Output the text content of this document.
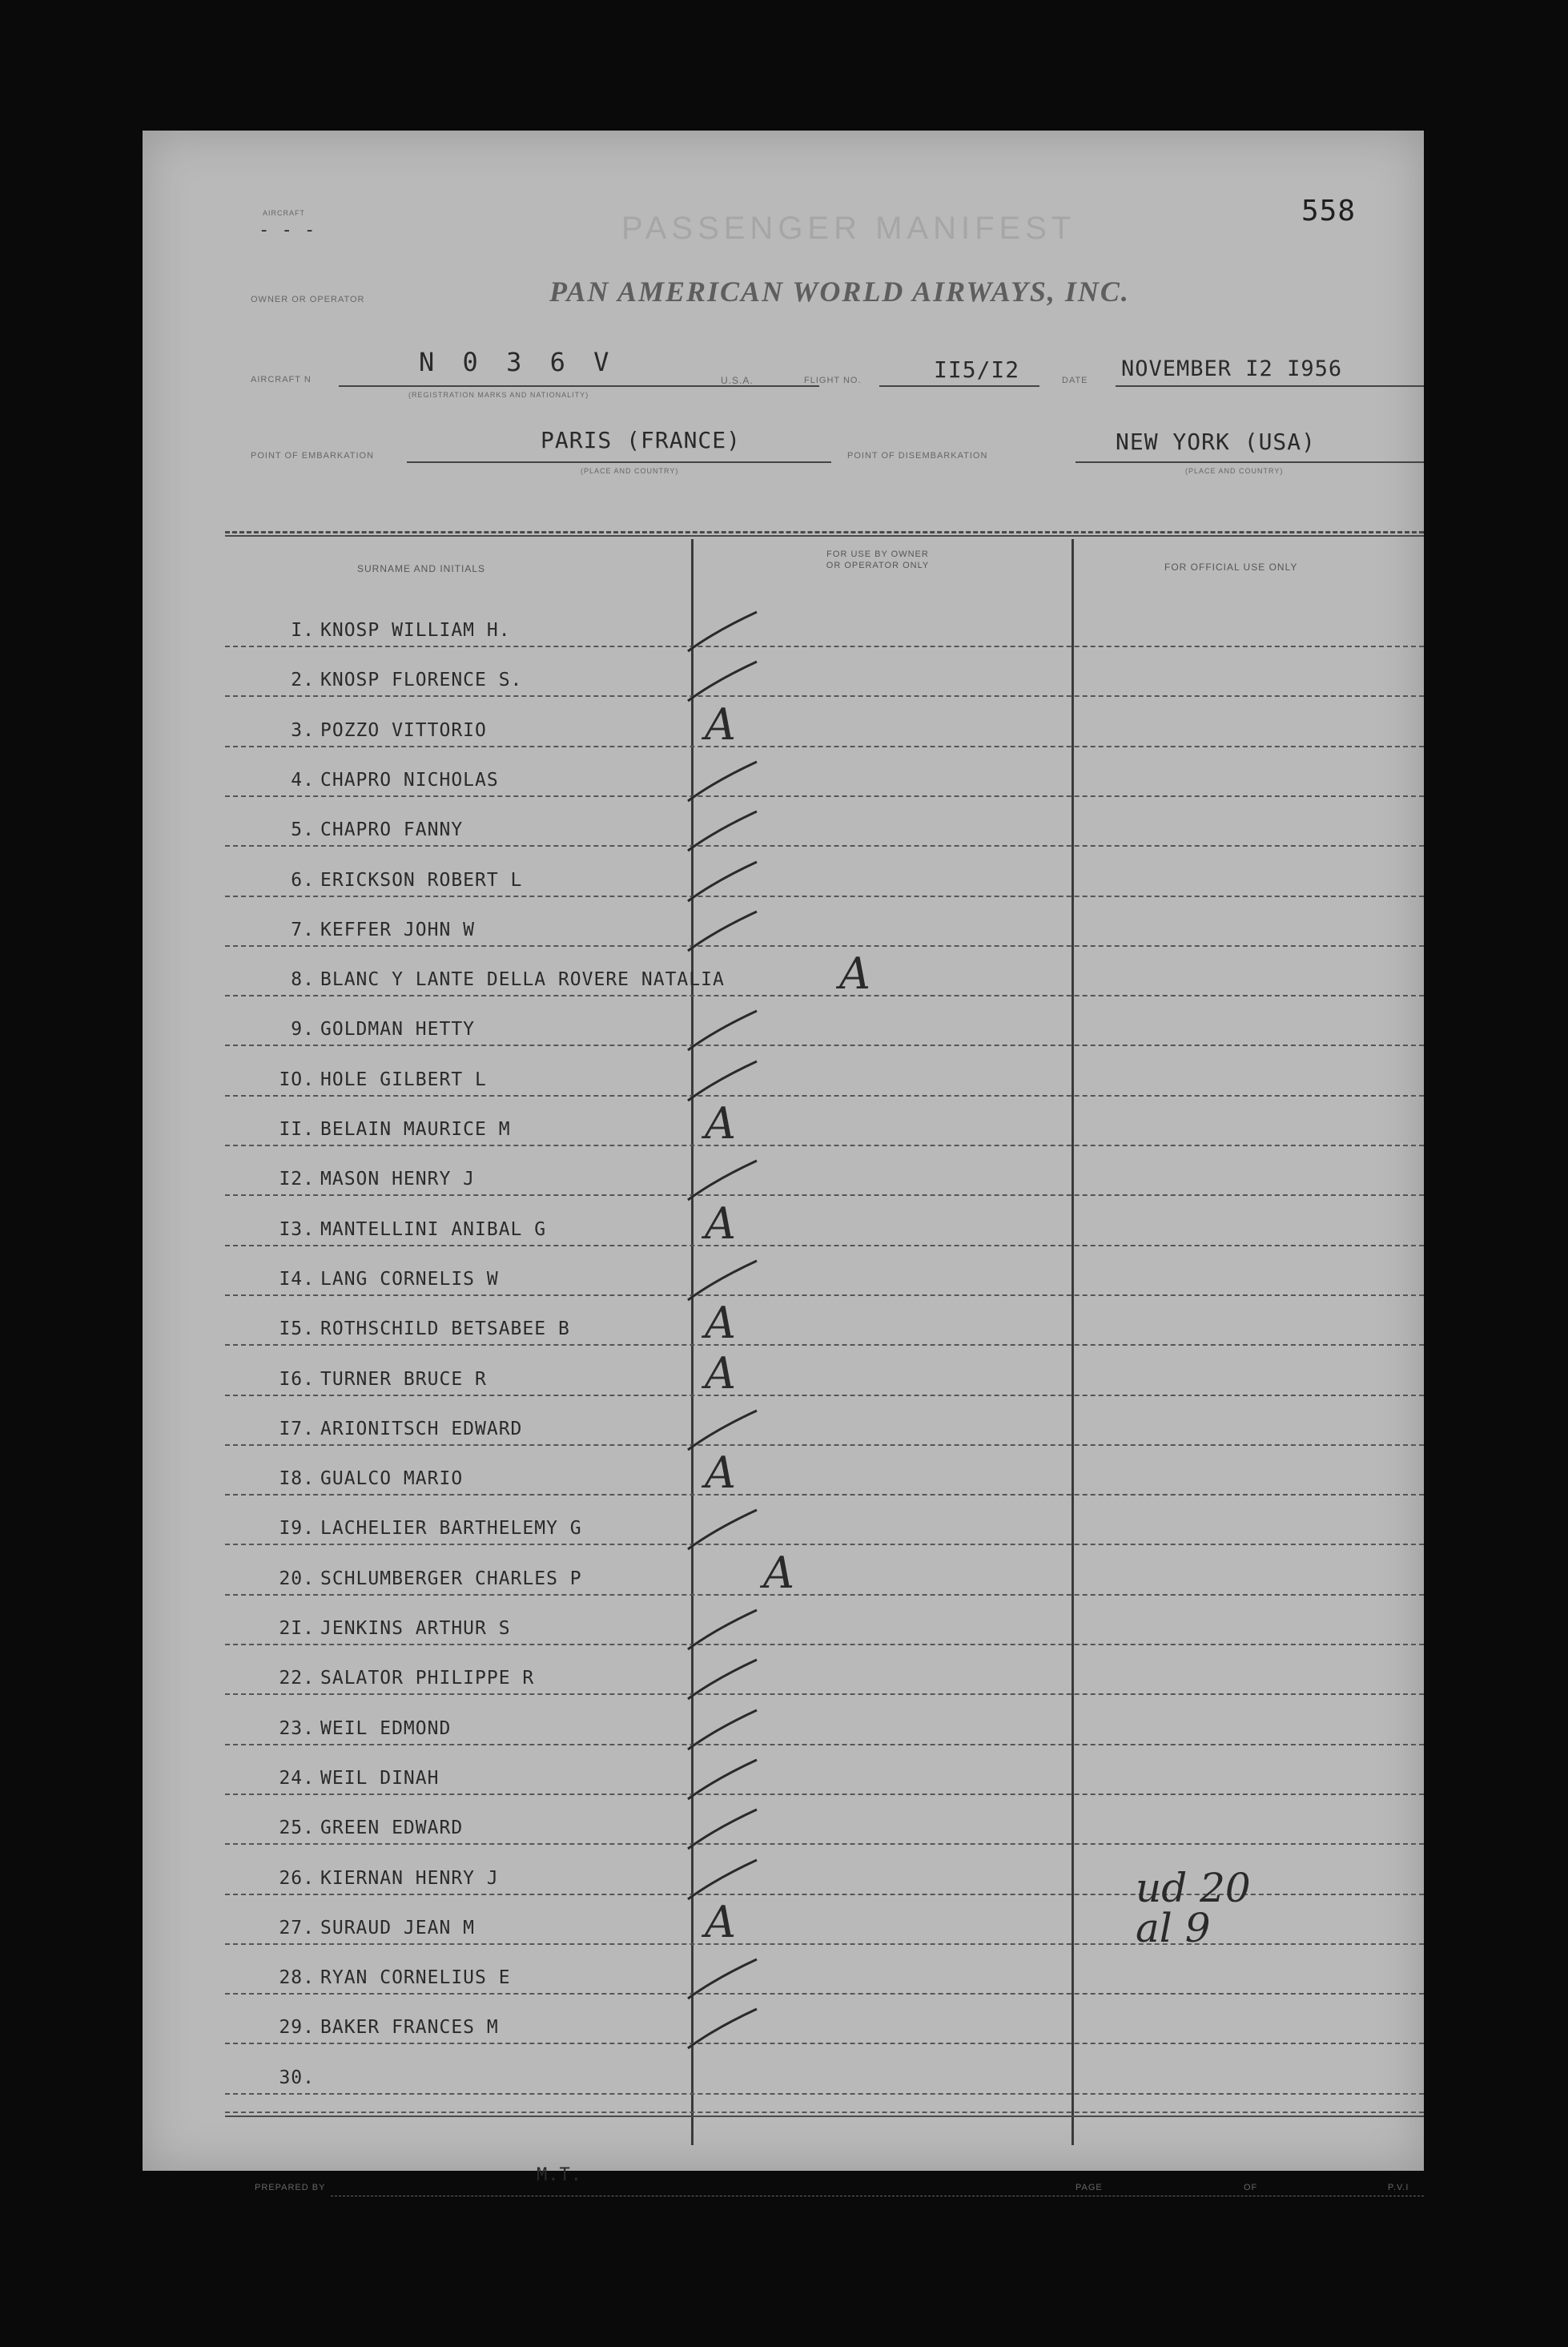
558
AIRCRAFT
- - -	PASSENGER MANIFEST
OWNER OR OPERATOR	PAN AMERICAN WORLD AIRWAYS, INC.
AIRCRAFT N
N 0 3 6 V
(REGISTRATION MARKS AND NATIONALITY)
U.S.A.	FLIGHT NO.	II5/I2	DATE NOVEMBER I2 I956
POINT OF EMBARKATION
PARIS (FRANCE)
(PLACE AND COUNTRY)
POINT OF DISEMBARKATION
NEW YORK (USA)
(PLACE AND COUNTRY)
SURNAME AND INITIALS
FOR USE BY OWNER
OR OPERATOR ONLY	FOR OFFICIAL USE ONLY
I. KNOSP WILLIAM H.
2. KNOSP FLORENCE S.
3. POZZO VITTORIO	A
4. CHAPRO NICHOLAS
5. CHAPRO FANNY
6. ERICKSON ROBERT L
7. KEFFER JOHN W
8. BLANC Y LANTE DELLA ROVERE NATALIA	A
9. GOLDMAN HETTY
IO. HOLE GILBERT L
II. BELAIN MAURICE M	A
I2. MASON HENRY J
I3. MANTELLINI ANIBAL G	A
I4. LANG CORNELIS W
I5. ROTHSCHILD BETSABEE B	A
I6. TURNER BRUCE R	A
I7. ARIONITSCH EDWARD
I8. GUALCO MARIO	A
I9. LACHELIER BARTHELEMY G
20. SCHLUMBERGER CHARLES P	A
2I. JENKINS ARTHUR S
22. SALATOR PHILIPPE R
23. WEIL EDMOND
24. WEIL DINAH
25. GREEN EDWARD
26. KIERNAN HENRY J
27. SURAUD JEAN M	A
28. RYAN CORNELIUS E
29. BAKER FRANCES M
30.
ud 20
al 9
PREPARED BY
M.T.
PAGE	OF	P.V.I
